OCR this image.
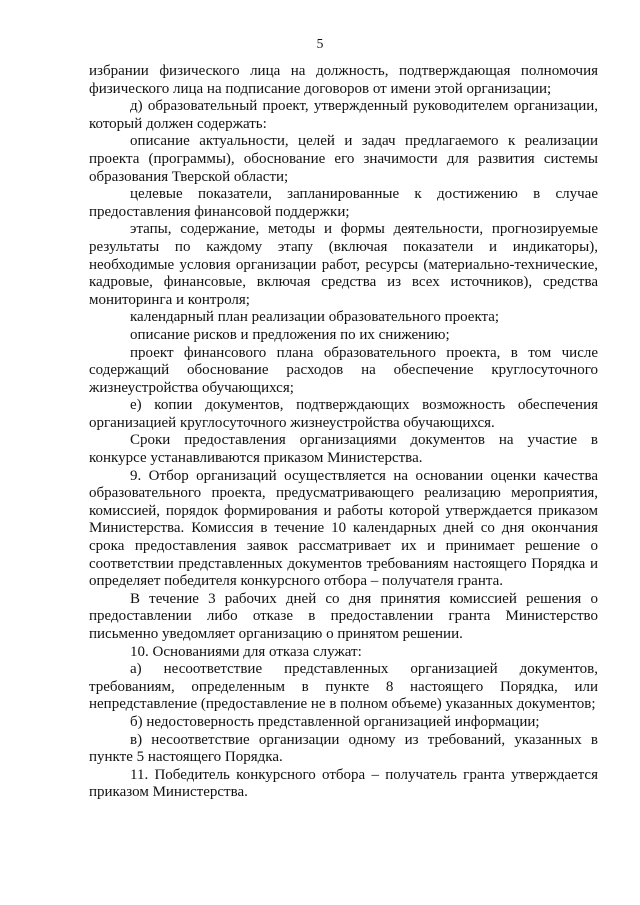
5

избрании физического лица на должность, подтверждающая полномочия физического лица на подписание договоров от имени этой организации;

д) образовательный проект, утвержденный руководителем организации, который должен содержать:

описание актуальности, целей и задач предлагаемого к реализации проекта (программы), обоснование его значимости для развития системы образования Тверской области;

целевые показатели, запланированные к достижению в случае предоставления финансовой поддержки;

этапы, содержание, методы и формы деятельности, прогнозируемые результаты по каждому этапу (включая показатели и индикаторы), необходимые условия организации работ, ресурсы (материально-технические, кадровые, финансовые, включая средства из всех источников), средства мониторинга и контроля;

календарный план реализации образовательного проекта;

описание рисков и предложения по их снижению;

проект финансового плана образовательного проекта, в том числе содержащий обоснование расходов на обеспечение круглосуточного жизнеустройства обучающихся;

е) копии документов, подтверждающих возможность обеспечения организацией круглосуточного жизнеустройства обучающихся.

Сроки предоставления организациями документов на участие в конкурсе устанавливаются приказом Министерства.

9. Отбор организаций осуществляется на основании оценки качества образовательного проекта, предусматривающего реализацию мероприятия, комиссией, порядок формирования и работы которой утверждается приказом Министерства. Комиссия в течение 10 календарных дней со дня окончания срока предоставления заявок рассматривает их и принимает решение о соответствии представленных документов требованиям настоящего Порядка и определяет победителя конкурсного отбора – получателя гранта.

В течение 3 рабочих дней со дня принятия комиссией решения о предоставлении либо отказе в предоставлении гранта Министерство письменно уведомляет организацию о принятом решении.

10. Основаниями для отказа служат:

а) несоответствие представленных организацией документов, требованиям, определенным в пункте 8 настоящего Порядка, или непредставление (предоставление не в полном объеме) указанных документов;

б) недостоверность представленной организацией информации;

в) несоответствие организации одному из требований, указанных в пункте 5 настоящего Порядка.

11. Победитель конкурсного отбора – получатель гранта утверждается приказом Министерства.
